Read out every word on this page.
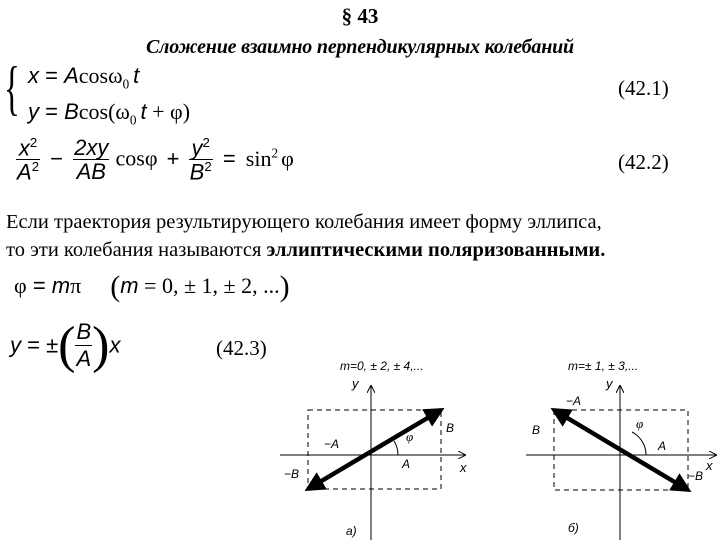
§ 43
Сложение взаимно перпендикулярных колебаний
{ x = Acosω$_0$ t
$y = Bcos(\omega_0$ t + φ)
(42.1)
$\frac{x^2}{A^2} - \frac{2xy}{AB}$ $\cos\varphi + \frac{y^2}{B^2} = \sin^2 \varphi$	(42.2)
Если траектория результирующего колебания имеет форму эллипса,
то эти колебания называются эллиптическими поляризованными.
φ = mπ (m = 0, ± 1, ± 2, ...)
y = ±( $\frac{B}{A} )x$	(42.3)
m=0, ± 2, ± 4,...
y
x
−A
A
B
−B
φ
а)
m=± 1, ± 3,...
y
x
−A
A
B
−B
φ
б)
